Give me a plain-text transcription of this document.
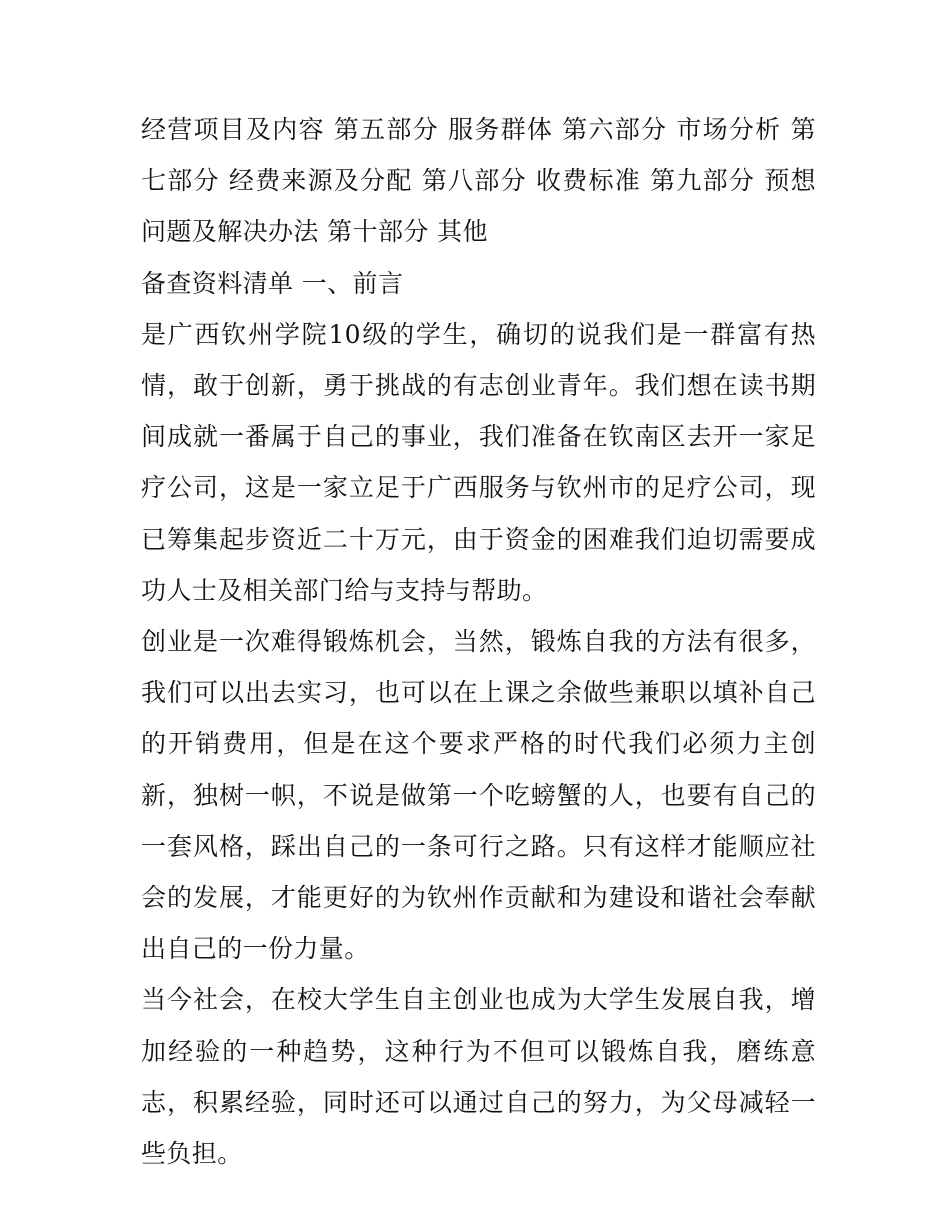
经营项目及内容 第五部分 服务群体 第六部分 市场分析 第七部分 经费来源及分配 第八部分 收费标准 第九部分 预想问题及解决办法 第十部分 其他

备查资料清单 一、前言

是广西钦州学院10级的学生，确切的说我们是一群富有热情，敢于创新，勇于挑战的有志创业青年。我们想在读书期间成就一番属于自己的事业，我们准备在钦南区去开一家足疗公司，这是一家立足于广西服务与钦州市的足疗公司，现已筹集起步资近二十万元，由于资金的困难我们迫切需要成功人士及相关部门给与支持与帮助。

创业是一次难得锻炼机会，当然，锻炼自我的方法有很多，我们可以出去实习，也可以在上课之余做些兼职以填补自己的开销费用，但是在这个要求严格的时代我们必须力主创新，独树一帜，不说是做第一个吃螃蟹的人，也要有自己的一套风格，踩出自己的一条可行之路。只有这样才能顺应社会的发展，才能更好的为钦州作贡献和为建设和谐社会奉献出自己的一份力量。

当今社会，在校大学生自主创业也成为大学生发展自我，增加经验的一种趋势，这种行为不但可以锻炼自我，磨练意志，积累经验，同时还可以通过自己的努力，为父母减轻一些负担。
